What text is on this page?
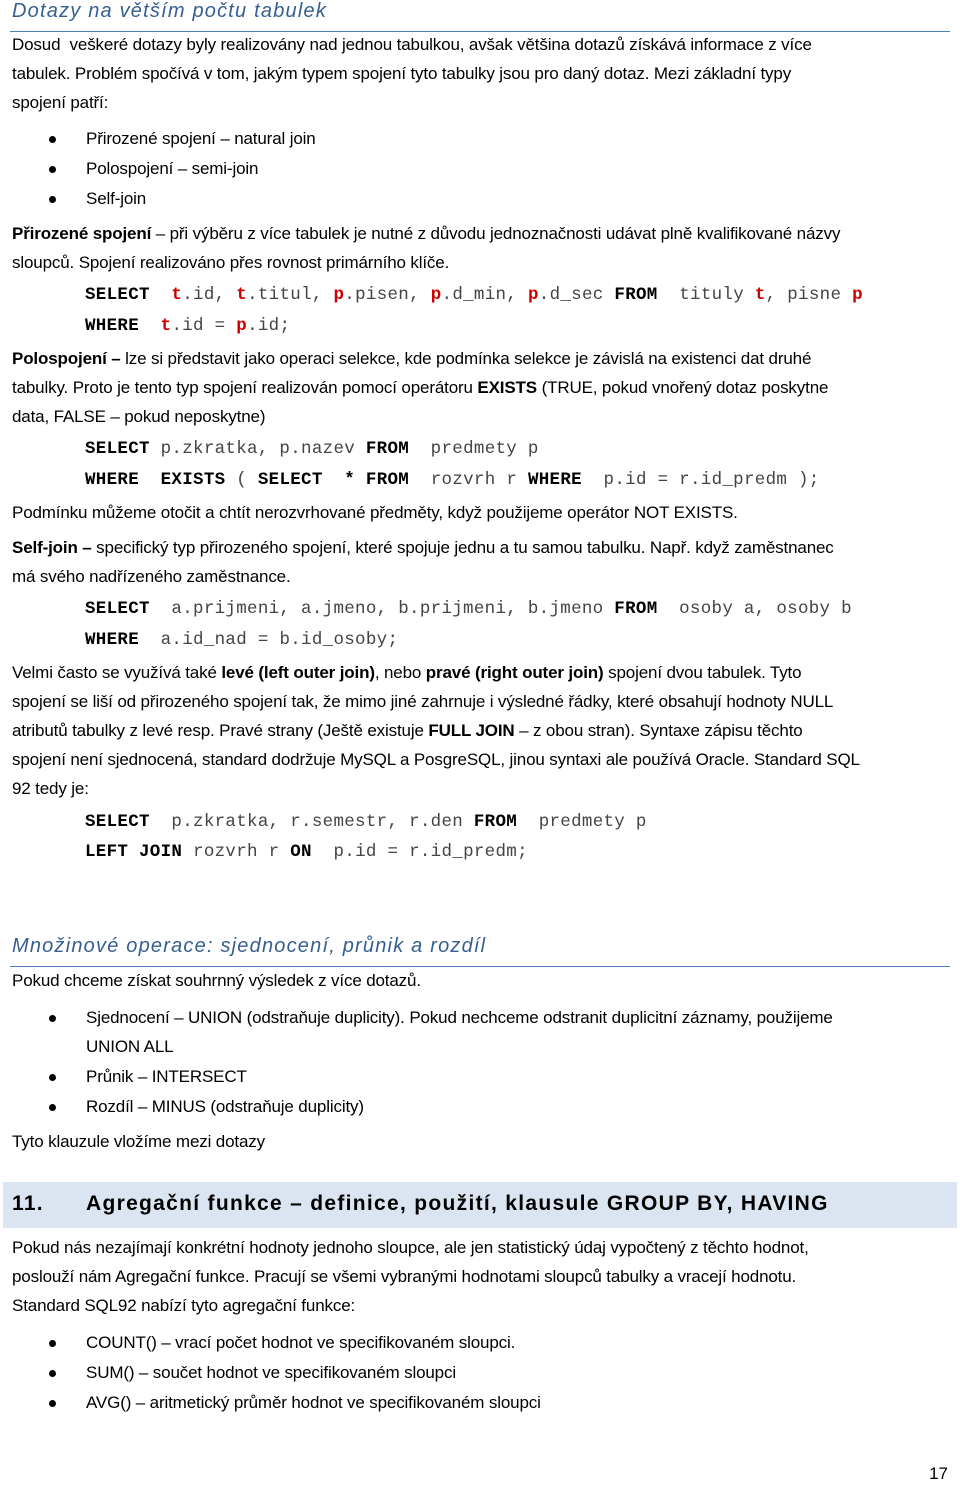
Dotazy na větším počtu tabulek
Dosud  veškeré dotazy byly realizovány nad jednou tabulkou, avšak většina dotazů získává informace z více
tabulek. Problém spočívá v tom, jakým typem spojení tyto tabulky jsou pro daný dotaz. Mezi základní typy
spojení patří:
Přirozené spojení – natural join
Polospojení – semi-join
Self-join
Přirozené spojení – při výběru z více tabulek je nutné z důvodu jednoznačnosti udávat plně kvalifikované názvy
sloupců. Spojení realizováno přes rovnost primárního klíče.
SELECT t.id, t.titul, p.pisen, p.d_min, p.d_sec FROM  tituly t, pisne p
WHERE t.id = p.id;
Polospojení – lze si představit jako operaci selekce, kde podmínka selekce je závislá na existenci dat druhé
tabulky. Proto je tento typ spojení realizován pomocí operátoru EXISTS (TRUE, pokud vnořený dotaz poskytne
data, FALSE – pokud neposkytne)
SELECT p.zkratka, p.nazev FROM  predmety p
WHERE EXISTS ( SELECT * FROM  rozvrh r WHERE  p.id = r.id_predm );
Podmínku můžeme otočit a chtít nerozvrhované předměty, když použijeme operátor NOT EXISTS.
Self-join – specifický typ přirozeného spojení, které spojuje jednu a tu samou tabulku. Např. když zaměstnanec
má svého nadřízeného zaměstnance.
SELECT  a.prijmeni, a.jmeno, b.prijmeni, b.jmeno FROM  osoby a, osoby b
WHERE  a.id_nad = b.id_osoby;
Velmi často se využívá také levé (left outer join), nebo pravé (right outer join) spojení dvou tabulek. Tyto
spojení se liší od přirozeného spojení tak, že mimo jiné zahrnuje i výsledné řádky, které obsahují hodnoty NULL
atributů tabulky z levé resp. Pravé strany (Ještě existuje FULL JOIN – z obou stran). Syntaxe zápisu těchto
spojení není sjednocená, standard dodržuje MySQL a PosgreSQL, jinou syntaxi ale používá Oracle. Standard SQL
92 tedy je:
SELECT  p.zkratka, r.semestr, r.den FROM  predmety p
LEFT JOIN rozvrh r ON  p.id = r.id_predm;
Množinové operace: sjednocení, průnik a rozdíl
Pokud chceme získat souhrnný výsledek z více dotazů.
Sjednocení – UNION (odstraňuje duplicity). Pokud nechceme odstranit duplicitní záznamy, použijeme
UNION ALL
Průnik – INTERSECT
Rozdíl – MINUS (odstraňuje duplicity)
Tyto klauzule vložíme mezi dotazy
11. Agregační funkce – definice, použití, klausule GROUP BY, HAVING
Pokud nás nezajímají konkrétní hodnoty jednoho sloupce, ale jen statistický údaj vypočtený z těchto hodnot,
poslouží nám Agregační funkce. Pracují se všemi vybranými hodnotami sloupců tabulky a vracejí hodnotu.
Standard SQL92 nabízí tyto agregační funkce:
COUNT() – vrací počet hodnot ve specifikovaném sloupci.
SUM() – součet hodnot ve specifikovaném sloupci
AVG() – aritmetický průměr hodnot ve specifikovaném sloupci
17
